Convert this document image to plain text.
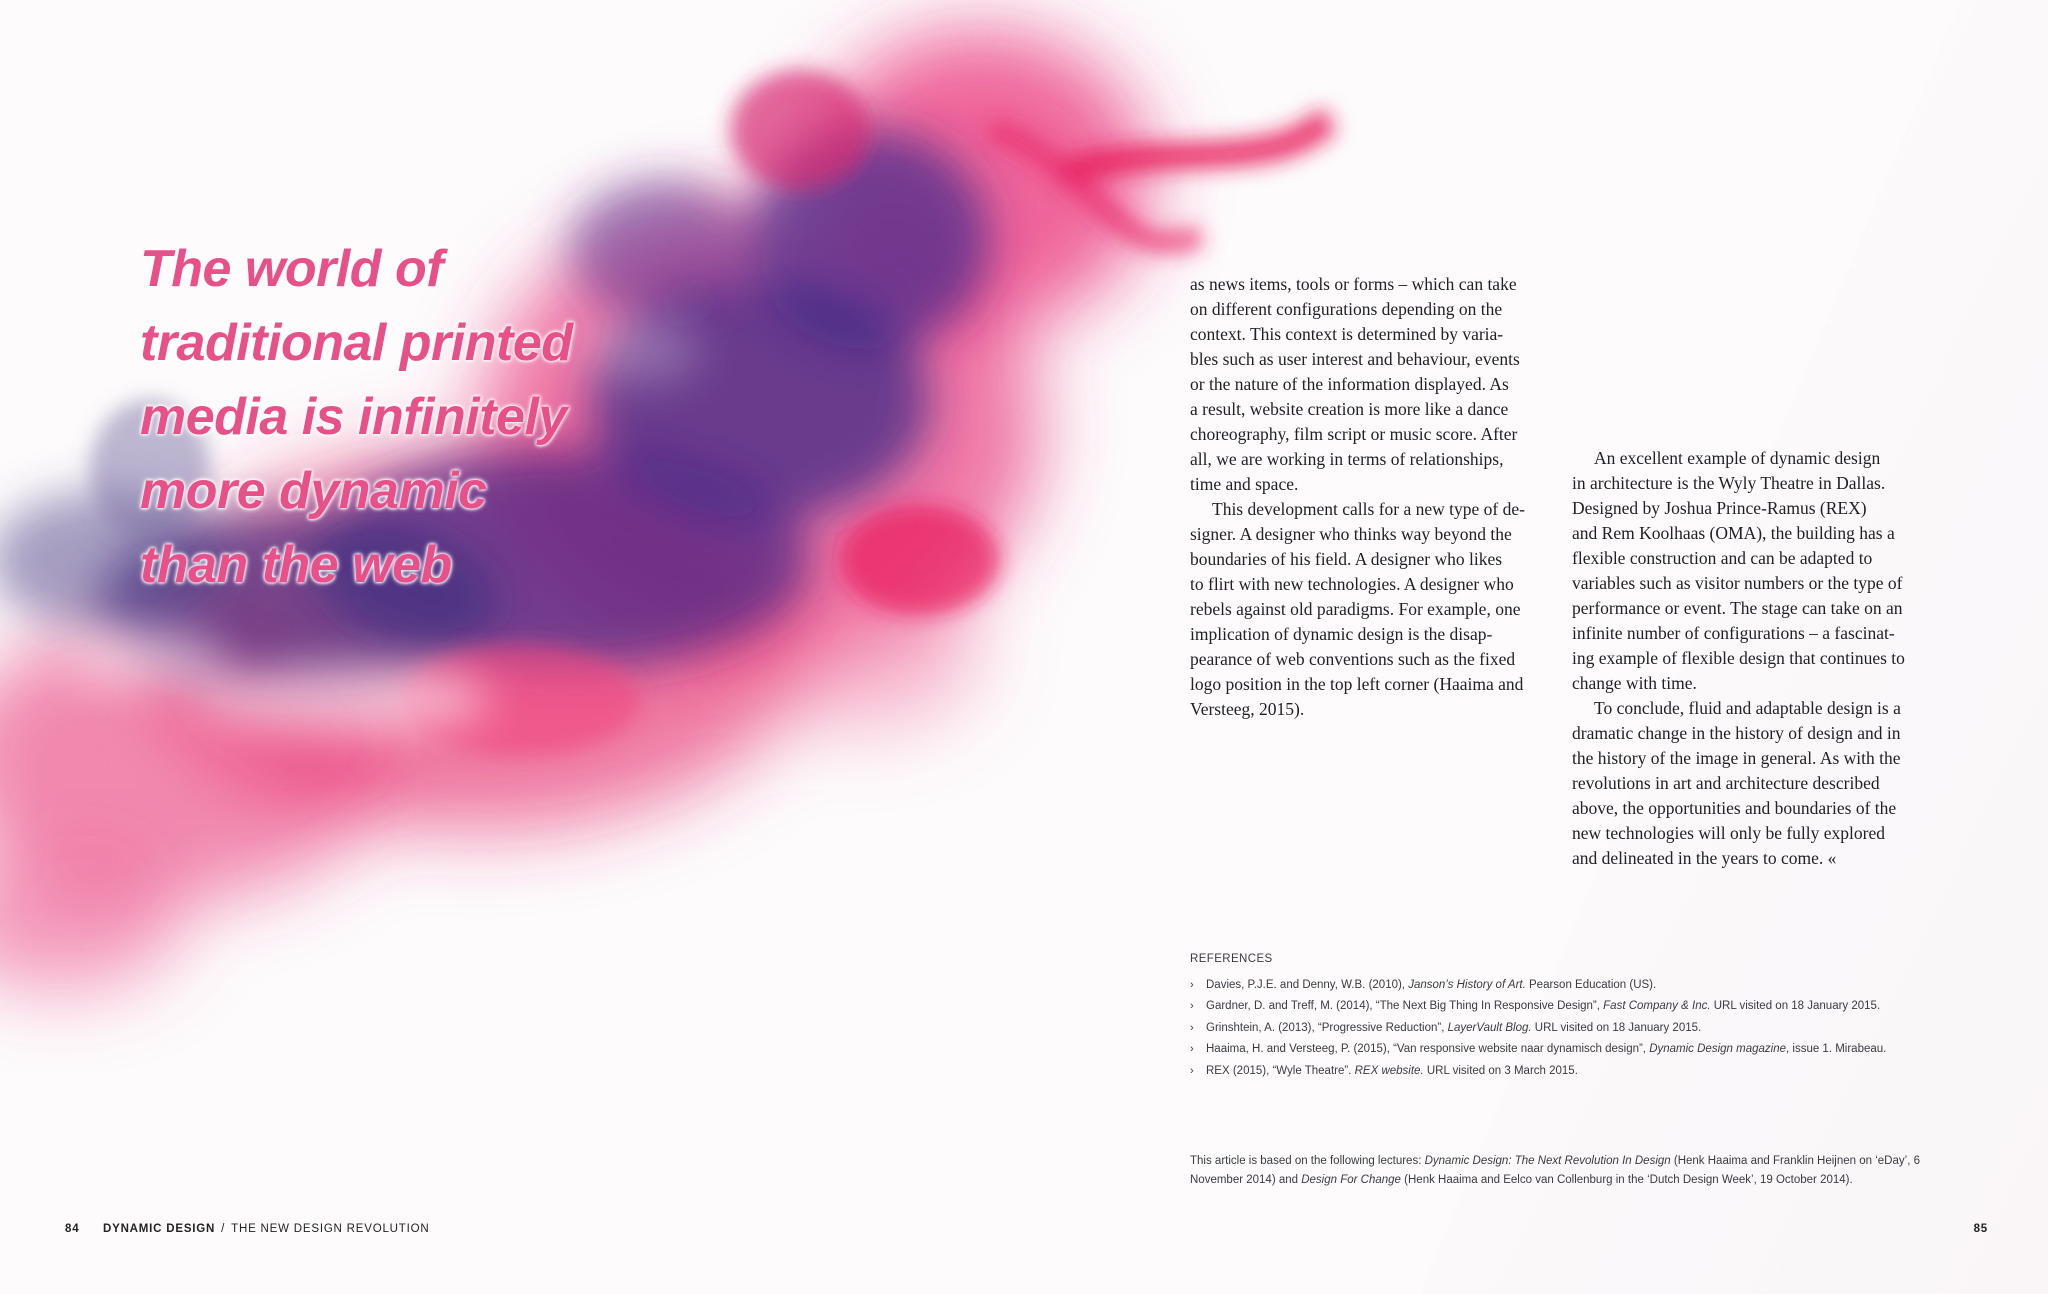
The world of
traditional printed
media is infinitely
more dynamic
than the web
as news items, tools or forms – which can take
on different configurations depending on the
context. This context is determined by varia-
bles such as user interest and behaviour, events
or the nature of the information displayed. As
a result, website creation is more like a dance
choreography, film script or music score. After
all, we are working in terms of relationships,
time and space.
This development calls for a new type of de-
signer. A designer who thinks way beyond the
boundaries of his field. A designer who likes
to flirt with new technologies. A designer who
rebels against old paradigms. For example, one
implication of dynamic design is the disap-
pearance of web conventions such as the fixed
logo position in the top left corner (Haaima and
Versteeg, 2015).
An excellent example of dynamic design
in architecture is the Wyly Theatre in Dallas.
Designed by Joshua Prince-Ramus (REX)
and Rem Koolhaas (OMA), the building has a
flexible construction and can be adapted to
variables such as visitor numbers or the type of
performance or event. The stage can take on an
infinite number of configurations – a fascinat-
ing example of flexible design that continues to
change with time.
To conclude, fluid and adaptable design is a
dramatic change in the history of design and in
the history of the image in general. As with the
revolutions in art and architecture described
above, the opportunities and boundaries of the
new technologies will only be fully explored
and delineated in the years to come. «
REFERENCES
› Davies, P.J.E. and Denny, W.B. (2010), Janson’s History of Art. Pearson Education (US).
› Gardner, D. and Treff, M. (2014), “The Next Big Thing In Responsive Design”, Fast Company & Inc. URL visited on 18 January 2015.
› Grinshtein, A. (2013), “Progressive Reduction”, LayerVault Blog. URL visited on 18 January 2015.
› Haaima, H. and Versteeg, P. (2015), “Van responsive website naar dynamisch design”, Dynamic Design magazine, issue 1. Mirabeau.
› REX (2015), “Wyle Theatre”. REX website. URL visited on 3 March 2015.

This article is based on the following lectures: Dynamic Design: The Next Revolution In Design (Henk Haaima and Franklin Heijnen on ‘eDay’, 6 November 2014) and Design For Change (Henk Haaima and Eelco van Collenburg in the ‘Dutch Design Week’, 19 October 2014).

84 DYNAMIC DESIGN / THE NEW DESIGN REVOLUTION	85
